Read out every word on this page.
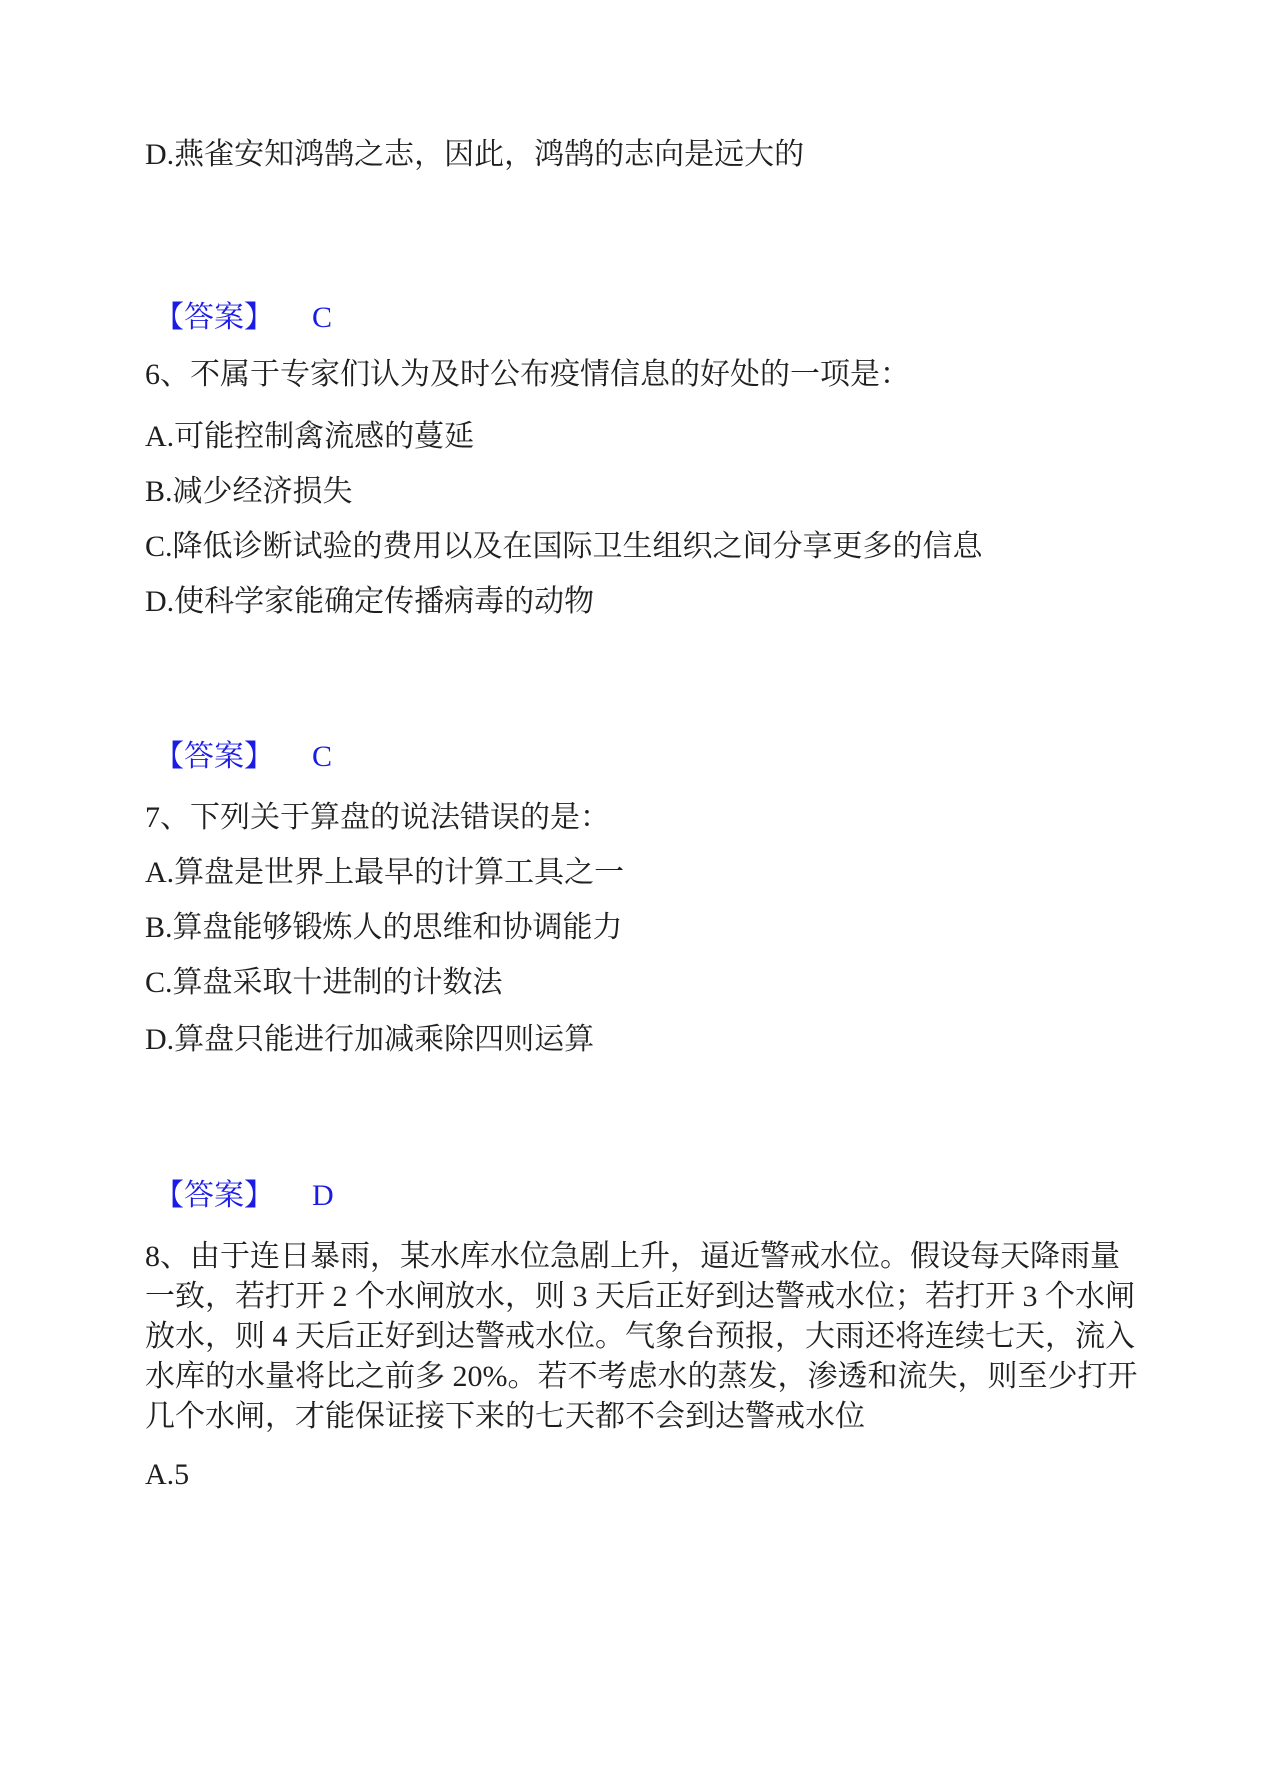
D.燕雀安知鸿鹄之志，因此，鸿鹄的志向是远大的
【答案】 C
6、不属于专家们认为及时公布疫情信息的好处的一项是：
A.可能控制禽流感的蔓延
B.减少经济损失
C.降低诊断试验的费用以及在国际卫生组织之间分享更多的信息
D.使科学家能确定传播病毒的动物
【答案】 C
7、下列关于算盘的说法错误的是：
A.算盘是世界上最早的计算工具之一
B.算盘能够锻炼人的思维和协调能力
C.算盘采取十进制的计数法
D.算盘只能进行加减乘除四则运算
【答案】 D
8、由于连日暴雨，某水库水位急剧上升，逼近警戒水位。假设每天降雨量
一致，若打开 2 个水闸放水，则 3 天后正好到达警戒水位；若打开 3 个水闸
放水，则 4 天后正好到达警戒水位。气象台预报，大雨还将连续七天，流入
水库的水量将比之前多 20%。若不考虑水的蒸发，渗透和流失，则至少打开
几个水闸，才能保证接下来的七天都不会到达警戒水位
A.5
